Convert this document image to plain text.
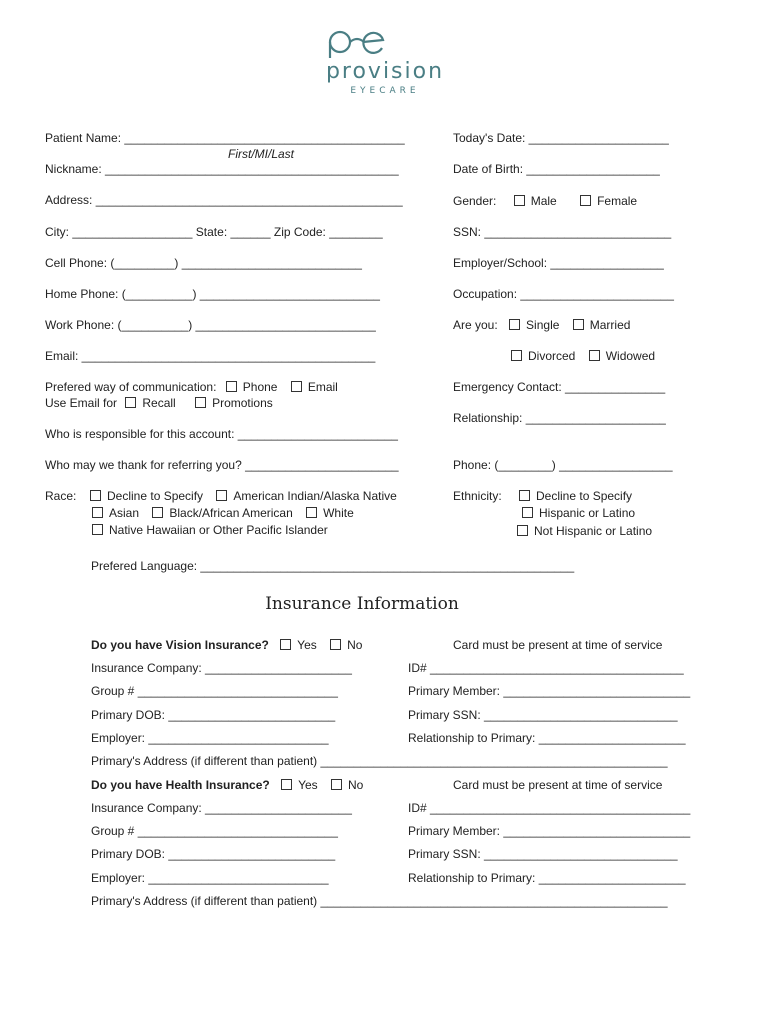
provision
EYECARE
Patient Name: __________________________________________
First/MI/Last
Nickname: ____________________________________________
Address: ______________________________________________
City: __________________ State: ______ Zip Code: ________
Cell Phone: (_________) ___________________________
Home Phone: (__________) ___________________________
Work Phone: (__________) ___________________________
Email: ____________________________________________
Prefered way of communication: Phone	Email
Use Email for Recall	Promotions
Who is responsible for this account: ________________________
Who may we thank for referring you? _______________________
Race:	Decline to Specify	American Indian/Alaska Native
Asian	Black/African American	White
Native Hawaiian or Other Pacific Islander
Prefered Language: ________________________________________________________
Today's Date: _____________________
Date of Birth: ____________________
Gender:	Male	Female
SSN: ____________________________
Employer/School: _________________
Occupation: _______________________
Are you: Single	Married
Divorced	Widowed
Emergency Contact: _______________
Relationship: _____________________
Phone: (________) _________________
Ethnicity:	Decline to Specify
Hispanic or Latino
Not Hispanic or Latino
Insurance Information
Do you have Vision Insurance? Yes	No	Card must be present at time of service
Insurance Company: ______________________	ID# ______________________________________
Group # ______________________________	Primary Member: ____________________________
Primary DOB: _________________________	Primary SSN: _____________________________
Employer: ___________________________	Relationship to Primary: ______________________
Primary's Address (if different than patient) ____________________________________________________
Do you have Health Insurance? Yes	No	Card must be present at time of service
Insurance Company: ______________________	ID# _______________________________________
Group # ______________________________	Primary Member: ____________________________
Primary DOB: _________________________	Primary SSN: _____________________________
Employer: ___________________________	Relationship to Primary: ______________________
Primary's Address (if different than patient) ____________________________________________________
